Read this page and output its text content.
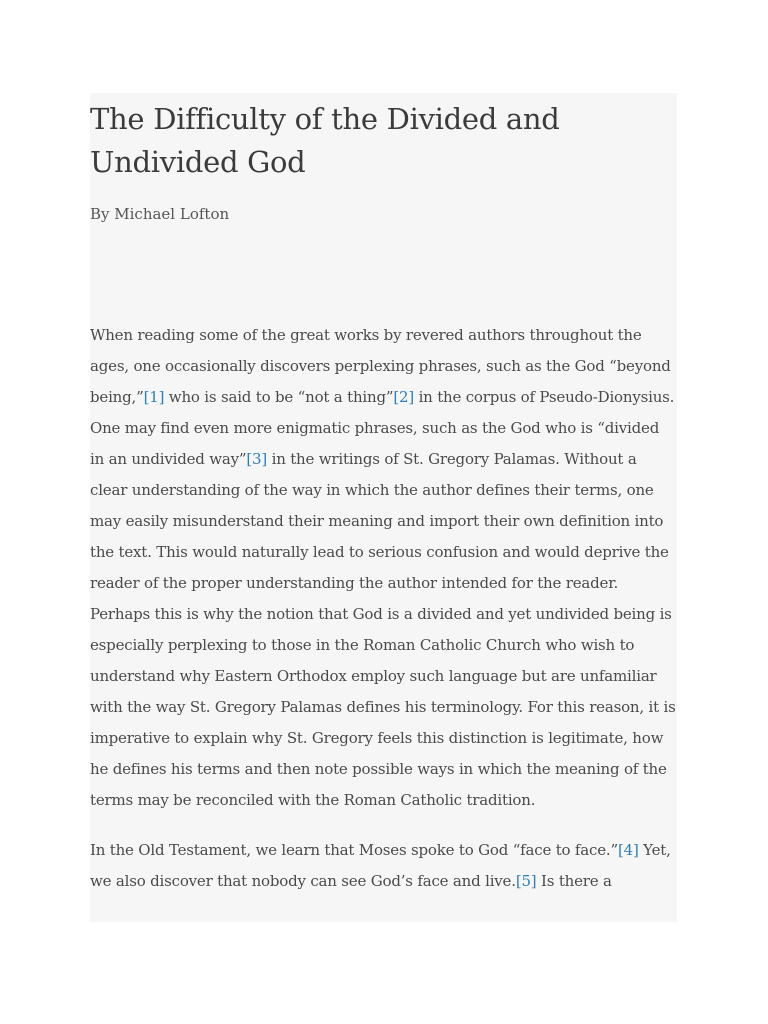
The Difficulty of the Divided and Undivided God

By Michael Lofton

When reading some of the great works by revered authors throughout the ages, one occasionally discovers perplexing phrases, such as the God “beyond being,”[1] who is said to be “not a thing”[2] in the corpus of Pseudo-Dionysius. One may find even more enigmatic phrases, such as the God who is “divided in an undivided way”[3] in the writings of St. Gregory Palamas. Without a clear understanding of the way in which the author defines their terms, one may easily misunderstand their meaning and import their own definition into the text. This would naturally lead to serious confusion and would deprive the reader of the proper understanding the author intended for the reader. Perhaps this is why the notion that God is a divided and yet undivided being is especially perplexing to those in the Roman Catholic Church who wish to understand why Eastern Orthodox employ such language but are unfamiliar with the way St. Gregory Palamas defines his terminology. For this reason, it is imperative to explain why St. Gregory feels this distinction is legitimate, how he defines his terms and then note possible ways in which the meaning of the terms may be reconciled with the Roman Catholic tradition.

In the Old Testament, we learn that Moses spoke to God “face to face.”[4] Yet, we also discover that nobody can see God’s face and live.[5] Is there a
